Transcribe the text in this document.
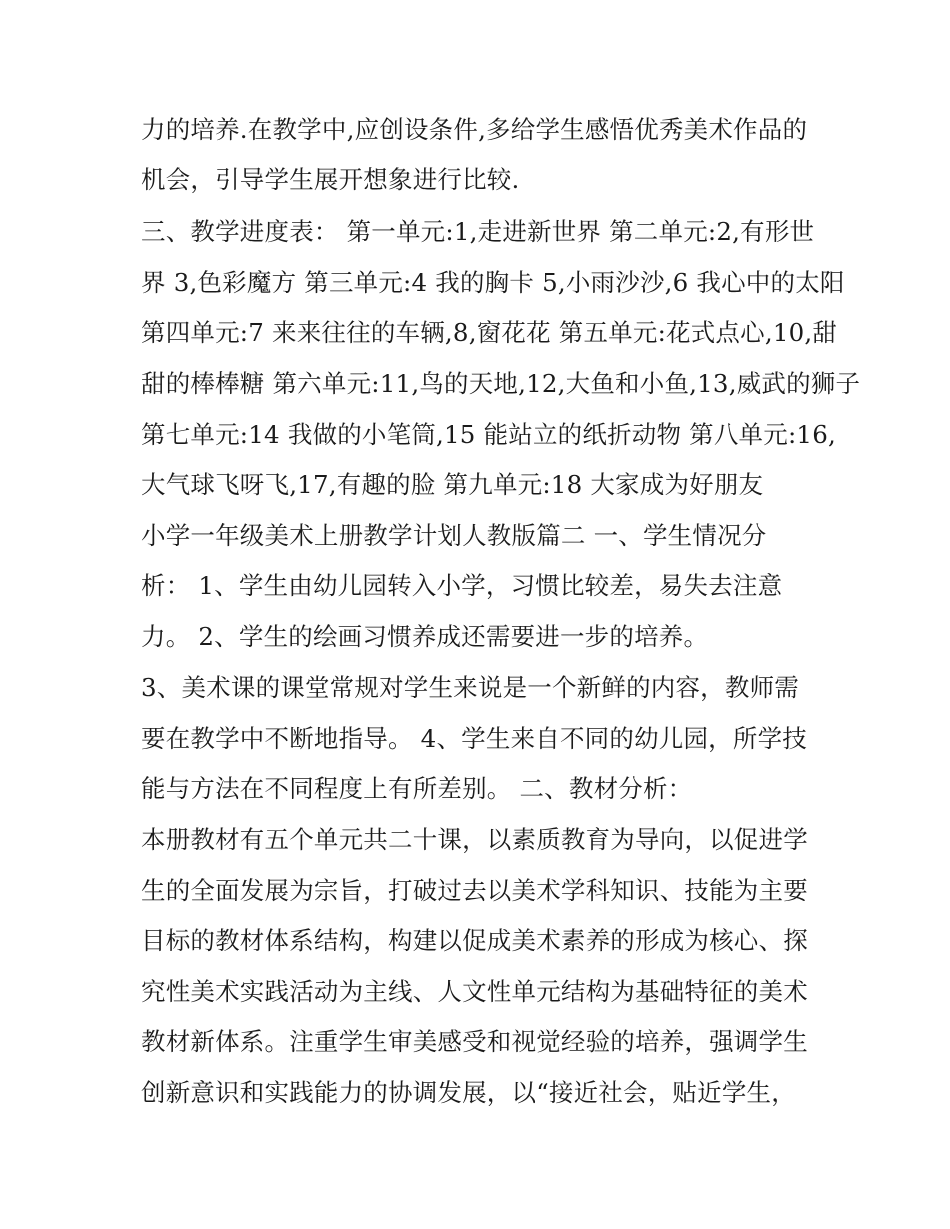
力的培养.在教学中,应创设条件,多给学生感悟优秀美术作品的
机会，引导学生展开想象进行比较.
三、教学进度表： 第一单元:1,走进新世界 第二单元:2,有形世
界 3,色彩魔方 第三单元:4 我的胸卡 5,小雨沙沙,6 我心中的太阳
第四单元:7 来来往往的车辆,8,窗花花 第五单元:花式点心,10,甜
甜的棒棒糖 第六单元:11,鸟的天地,12,大鱼和小鱼,13,威武的狮子
第七单元:14 我做的小笔筒,15 能站立的纸折动物 第八单元:16,
大气球飞呀飞,17,有趣的脸 第九单元:18 大家成为好朋友
小学一年级美术上册教学计划人教版篇二 一、学生情况分
析： 1、学生由幼儿园转入小学，习惯比较差，易失去注意
力。 2、学生的绘画习惯养成还需要进一步的培养。
3、美术课的课堂常规对学生来说是一个新鲜的内容，教师需
要在教学中不断地指导。 4、学生来自不同的幼儿园，所学技
能与方法在不同程度上有所差别。 二、教材分析：
本册教材有五个单元共二十课，以素质教育为导向，以促进学
生的全面发展为宗旨，打破过去以美术学科知识、技能为主要
目标的教材体系结构，构建以促成美术素养的形成为核心、探
究性美术实践活动为主线、人文性单元结构为基础特征的美术
教材新体系。注重学生审美感受和视觉经验的培养，强调学生
创新意识和实践能力的协调发展，以“接近社会，贴近学生，
